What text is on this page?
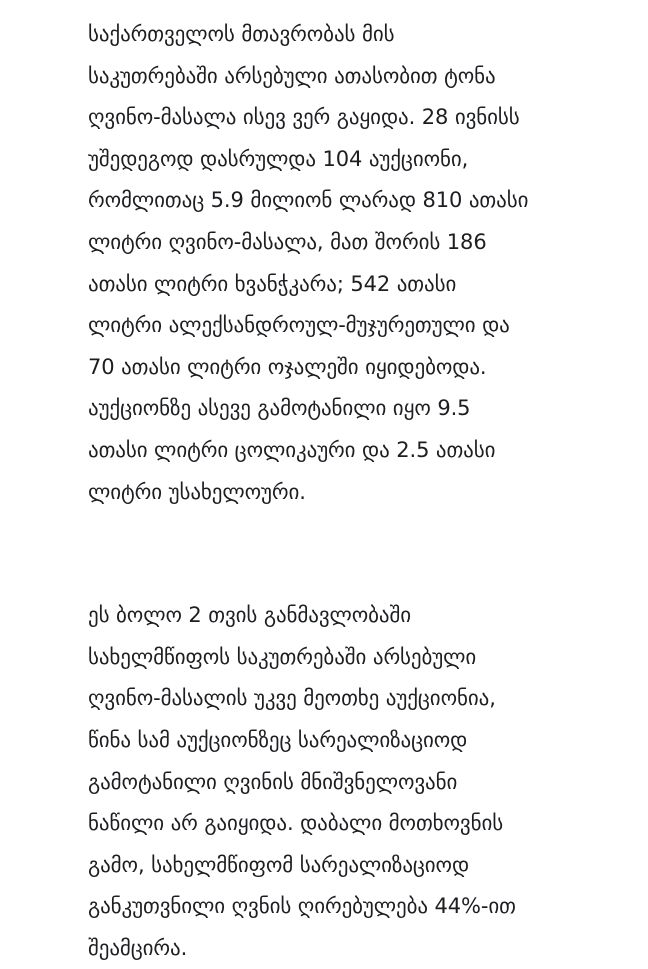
საქართველოს მთავრობას მის
საკუთრებაში არსებული ათასობით ტონა
ღვინო-მასალა ისევ ვერ გაყიდა. 28 ივნისს
უშედეგოდ დასრულდა 104 აუქციონი,
რომლითაც 5.9 მილიონ ლარად 810 ათასი
ლიტრი ღვინო-მასალა, მათ შორის 186
ათასი ლიტრი ხვანჭკარა; 542 ათასი
ლიტრი ალექსანდროულ-მუჯურეთული და
70 ათასი ლიტრი ოჯალეში იყიდებოდა.
აუქციონზე ასევე გამოტანილი იყო 9.5
ათასი ლიტრი ცოლიკაური და 2.5 ათასი
ლიტრი უსახელოური.

ეს ბოლო 2 თვის განმავლობაში
სახელმწიფოს საკუთრებაში არსებული
ღვინო-მასალის უკვე მეოთხე აუქციონია,
წინა სამ აუქციონზეც სარეალიზაციოდ
გამოტანილი ღვინის მნიშვნელოვანი
ნაწილი არ გაიყიდა. დაბალი მოთხოვნის
გამო, სახელმწიფომ სარეალიზაციოდ
განკუთვნილი ღვნის ღირებულება 44%-ით
შეამცირა.
